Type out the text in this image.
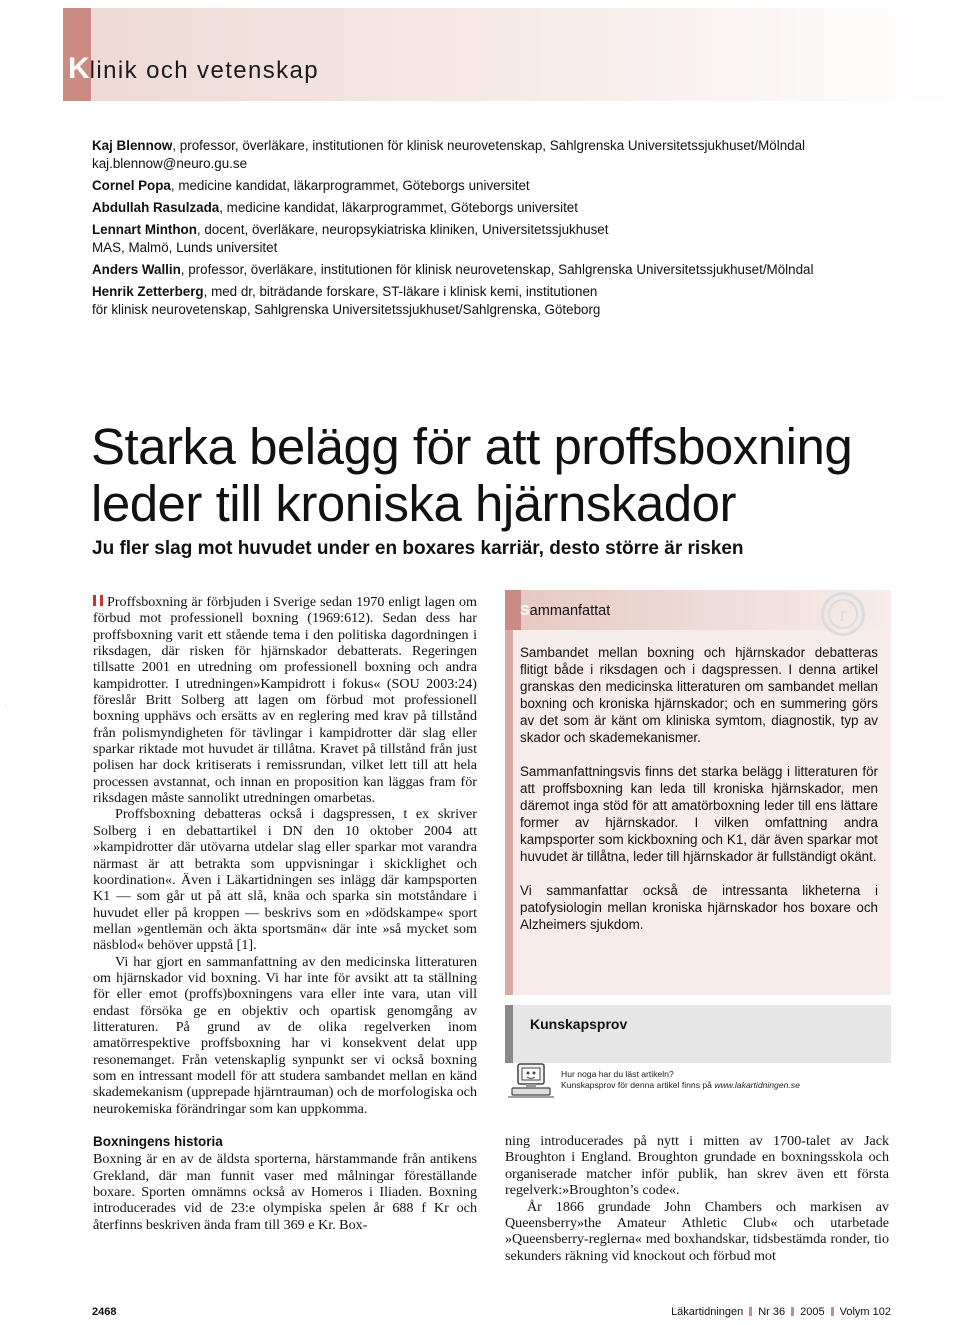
Klinik och vetenskap
Kaj Blennow, professor, överläkare, institutionen för klinisk neurovetenskap, Sahlgrenska Universitetssjukhuset/Mölndal
kaj.blennow@neuro.gu.se
Cornel Popa, medicine kandidat, läkarprogrammet, Göteborgs universitet
Abdullah Rasulzada, medicine kandidat, läkarprogrammet, Göteborgs universitet
Lennart Minthon, docent, överläkare, neuropsykiatriska kliniken, Universitetssjukhuset
MAS, Malmö, Lunds universitet
Anders Wallin, professor, överläkare, institutionen för klinisk neurovetenskap, Sahlgrenska Universitetssjukhuset/Mölndal
Henrik Zetterberg, med dr, biträdande forskare, ST-läkare i klinisk kemi, institutionen
för klinisk neurovetenskap, Sahlgrenska Universitetssjukhuset/Sahlgrenska, Göteborg
Starka belägg för att proffsboxning
leder till kroniska hjärnskador
Ju fler slag mot huvudet under en boxares karriär, desto större är risken
·

Proffsboxning är förbjuden i Sverige sedan 1970 enligt lagen om förbud mot professionell boxning (1969:612). Sedan dess har proffsboxning varit ett stående tema i den politiska dagordningen i riksdagen, där risken för hjärnskador debatterats. Regeringen tillsatte 2001 en utredning om professionell boxning och andra kampidrotter. I utredningen»Kampidrott i fokus« (SOU 2003:24) föreslår Britt Solberg att lagen om förbud mot professionell boxning upphävs och ersätts av en reglering med krav på tillstånd från polismyndigheten för tävlingar i kampidrotter där slag eller sparkar riktade mot huvudet är tillåtna. Kravet på tillstånd från just polisen har dock kritiserats i remissrundan, vilket lett till att hela processen avstannat, och innan en proposition kan läggas fram för riksdagen måste sannolikt utredningen omarbetas.

Proffsboxning debatteras också i dagspressen, t ex skriver Solberg i en debattartikel i DN den 10 oktober 2004 att »kampidrotter där utövarna utdelar slag eller sparkar mot varandra närmast är att betrakta som uppvisningar i skicklighet och koordination«. Även i Läkartidningen ses inlägg där kampsporten K1 — som går ut på att slå, knäa och sparka sin motståndare i huvudet eller på kroppen — beskrivs som en »dödskampe« sport mellan »gentlemän och äkta sportsmän« där inte »så mycket som näsblod« behöver uppstå [1].

Vi har gjort en sammanfattning av den medicinska litteraturen om hjärnskador vid boxning. Vi har inte för avsikt att ta ställning för eller emot (proffs)boxningens vara eller inte vara, utan vill endast försöka ge en objektiv och opartisk genomgång av litteraturen. På grund av de olika regelverken inom amatörrespektive proffsboxning har vi konsekvent delat upp resonemanget. Från vetenskaplig synpunkt ser vi också boxning som en intressant modell för att studera sambandet mellan en känd skademekanism (upprepade hjärntrauman) och de morfologiska och neurokemiska förändringar som kan uppkomma.

Boxningens historia

Boxning är en av de äldsta sporterna, härstammande från antikens Grekland, där man funnit vaser med målningar föreställande boxare. Sporten omnämns också av Homeros i Iliaden. Boxning introducerades vid de 23:e olympiska spelen år 688 f Kr och återfinns beskriven ända fram till 369 e Kr. Box-

Sammanfattat	r

Sambandet mellan boxning och hjärnskador debatteras flitigt både i riksdagen och i dagspressen. I denna artikel granskas den medicinska litteraturen om sambandet mellan boxning och kroniska hjärnskador; och en summering görs av det som är känt om kliniska symtom, diagnostik, typ av skador och skademekanismer.

Sammanfattningsvis finns det starka belägg i litteraturen för att proffsboxning kan leda till kroniska hjärnskador, men däremot inga stöd för att amatörboxning leder till ens lättare former av hjärnskador. I vilken omfattning andra kampsporter som kickboxning och K1, där även sparkar mot huvudet är tillåtna, leder till hjärnskador är fullständigt okänt.

Vi sammanfattar också de intressanta likheterna i patofysiologin mellan kroniska hjärnskador hos boxare och Alzheimers sjukdom.

Kunskapsprov
Hur noga har du läst artikeln?
Kunskapsprov för denna artikel finns på www.lakartidningen.se

ning introducerades på nytt i mitten av 1700-talet av Jack Broughton i England. Broughton grundade en boxningsskola och organiserade matcher inför publik, han skrev även ett första regelverk:»Broughton’s code«.

År 1866 grundade John Chambers och markisen av Queensberry»the Amateur Athletic Club« och utarbetade »Queensberry-reglerna« med boxhandskar, tidsbestämda ronder, tio sekunders räkning vid knockout och förbud mot

2468	Läkartidningen Nr 36 2005 Volym 102
